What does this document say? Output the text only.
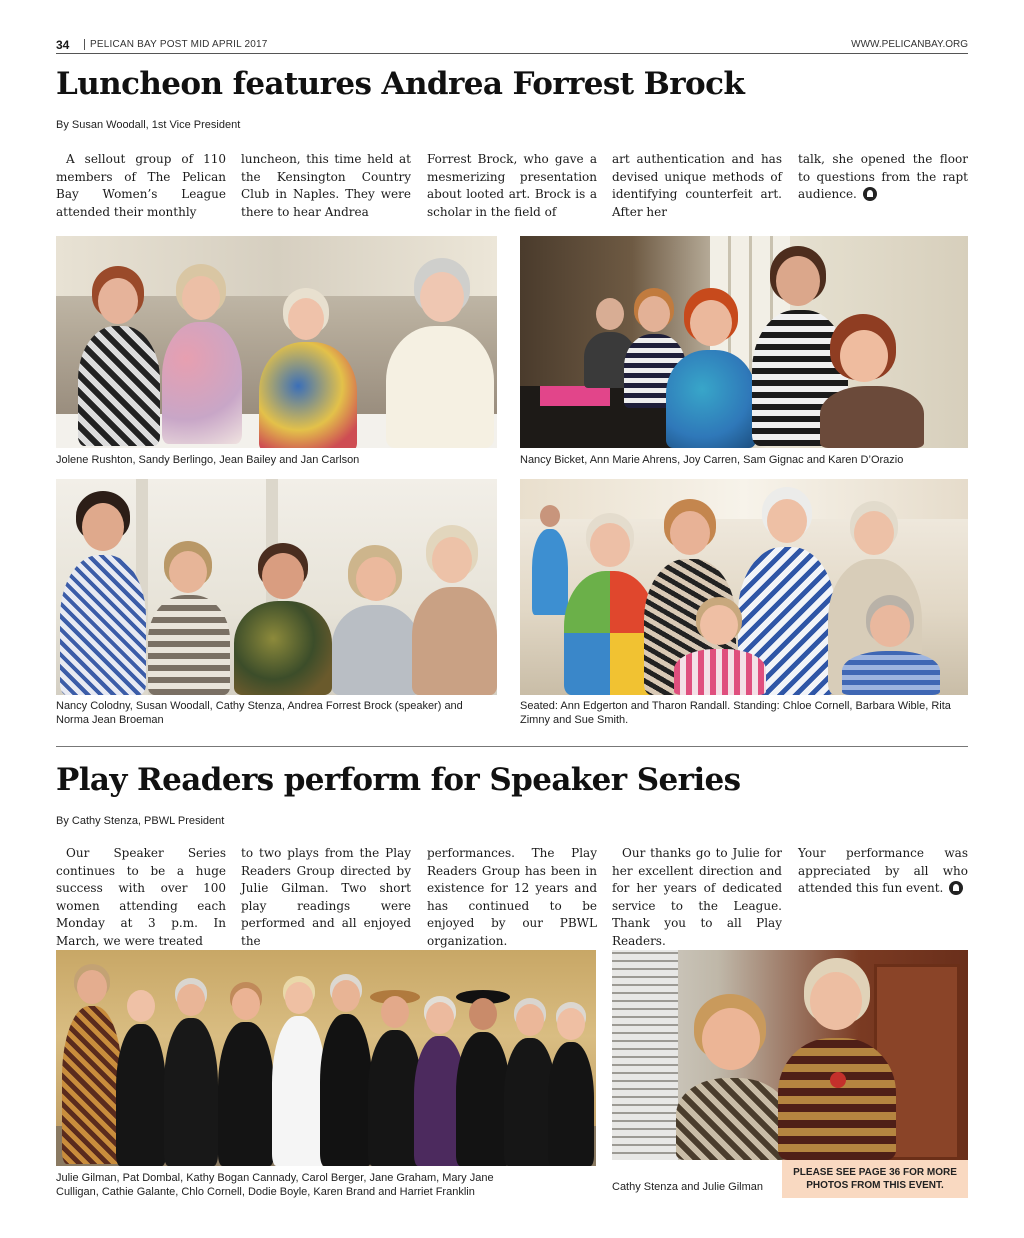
34	PELICAN BAY POST MID APRIL 2017	WWW.PELICANBAY.ORG
Luncheon features Andrea Forrest Brock
By Susan Woodall, 1st Vice President
A sellout group of 110 members of The Pelican Bay Women’s League attended their monthly
luncheon, this time held at the Kensington Country Club in Naples. They were there to hear Andrea
Forrest Brock, who gave a mesmerizing presentation about looted art. Brock is a scholar in the field of
art authentication and has devised unique methods of identifying counterfeit art. After her
talk, she opened the floor to questions from the rapt audience.
Jolene Rushton, Sandy Berlingo, Jean Bailey and Jan Carlson	Nancy Bicket, Ann Marie Ahrens, Joy Carren, Sam Gignac and Karen D’Orazio
Nancy Colodny, Susan Woodall, Cathy Stenza, Andrea Forrest Brock (speaker) and Norma Jean Broeman
Seated: Ann Edgerton and Tharon Randall. Standing: Chloe Cornell, Barbara Wible, Rita Zimny and Sue Smith.
Play Readers perform for Speaker Series
By Cathy Stenza, PBWL President
Our Speaker Series continues to be a huge success with over 100 women attending each Monday at 3 p.m. In March, we were treated
to two plays from the Play Readers Group directed by Julie Gilman. Two short play readings were performed and all enjoyed the
performances. The Play Readers Group has been in existence for 12 years and has continued to be enjoyed by our PBWL organization.
Our thanks go to Julie for her excellent direction and for her years of dedicated service to the League. Thank you to all Play Readers.
Your performance was appreciated by all who attended this fun event.
Julie Gilman, Pat Dombal, Kathy Bogan Cannady, Carol Berger, Jane Graham, Mary Jane Culligan, Cathie Galante, Chlo Cornell, Dodie Boyle, Karen Brand and Harriet Franklin	Cathy Stenza and Julie Gilman
PLEASE SEE PAGE 36 FOR MORE PHOTOS FROM THIS EVENT.
